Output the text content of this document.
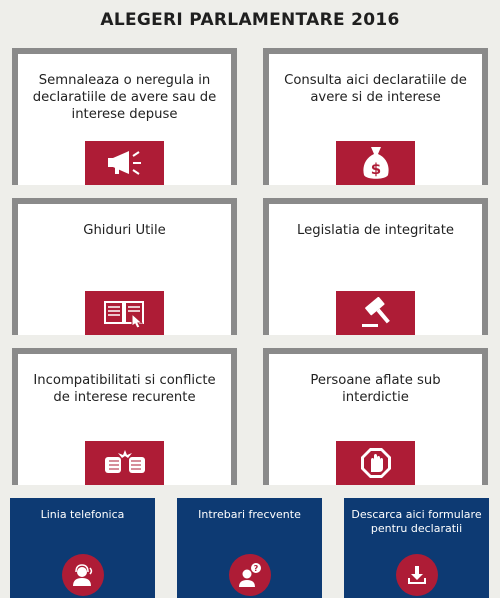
ALEGERI PARLAMENTARE 2016
Semnaleaza o neregula in declaratiile de avere sau de interese depuse
Consulta aici declaratiile de avere si de interese
$
Ghiduri Utile	Legislatia de integritate
Incompatibilitati si conflicte de interese recurente
Persoane aflate sub interdictie
Linia telefonica	Intrebari frecvente
?
Descarca aici formulare pentru declaratii
